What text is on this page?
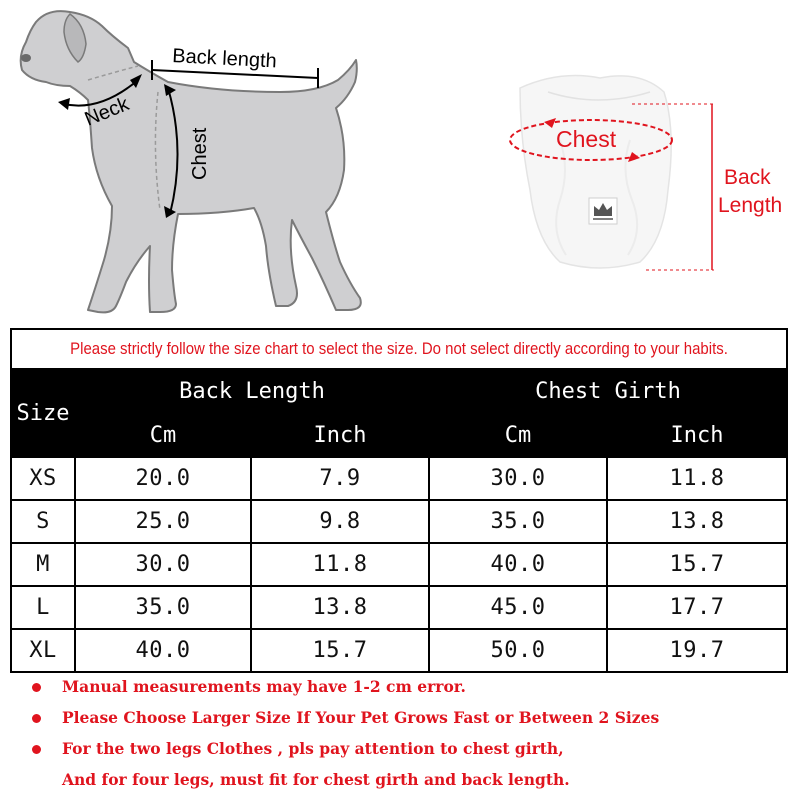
Back length
Neck
Chest	Chest
Back
Length
Please strictly follow the size chart to select the size. Do not select directly according to your habits.				

Size	Back Length		Chest Girth	
	Cm	Inch	Cm	Inch
XS	20.0	7.9	30.0	11.8
S	25.0	9.8	35.0	13.8
M	30.0	11.8	40.0	15.7
L	35.0	13.8	45.0	17.7
XL	40.0	15.7	50.0	19.7
Manual measurements may have 1-2 cm error.
Please Choose Larger Size If Your Pet Grows Fast or Between 2 Sizes
For the two legs Clothes , pls pay attention to chest girth,
And for four legs, must fit for chest girth and back length.
